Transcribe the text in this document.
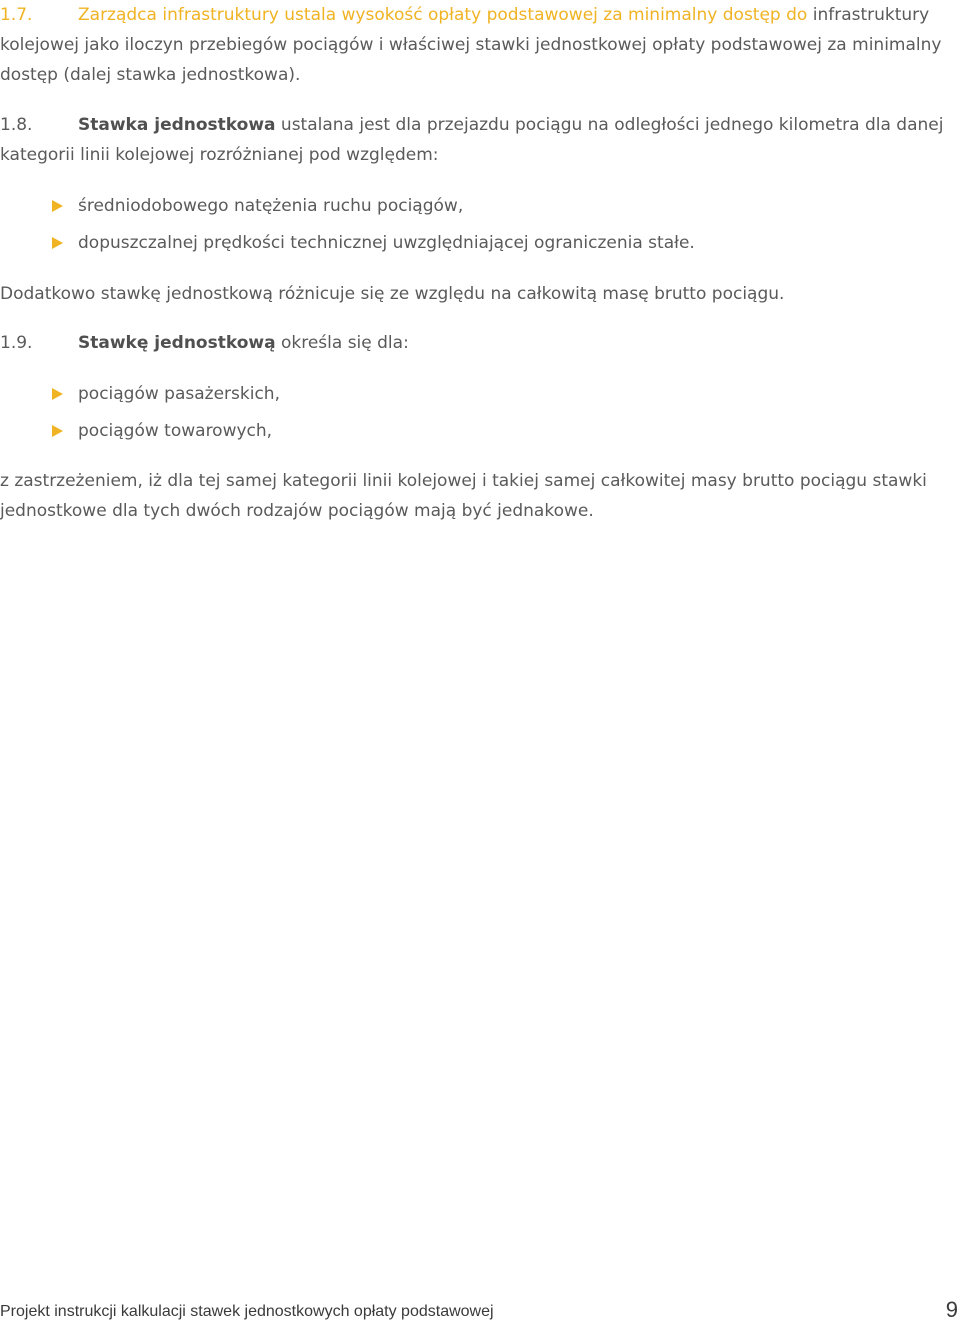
1.7.	Zarządca infrastruktury ustala wysokość opłaty podstawowej za minimalny dostęp do infrastruktury kolejowej jako iloczyn przebiegów pociągów i właściwej stawki jednostkowej opłaty podstawowej za minimalny dostęp (dalej stawka jednostkowa).

1.8.	Stawka jednostkowa ustalana jest dla przejazdu pociągu na odległości jednego kilometra dla danej kategorii linii kolejowej rozróżnianej pod względem:

średniodobowego natężenia ruchu pociągów,
dopuszczalnej prędkości technicznej uwzględniającej ograniczenia stałe.

Dodatkowo stawkę jednostkową różnicuje się ze względu na całkowitą masę brutto pociągu.

1.9.	Stawkę jednostkową określa się dla:

pociągów pasażerskich,
pociągów towarowych,

z zastrzeżeniem, iż dla tej samej kategorii linii kolejowej i takiej samej całkowitej masy brutto pociągu stawki jednostkowe dla tych dwóch rodzajów pociągów mają być jednakowe.

Projekt instrukcji kalkulacji stawek jednostkowych opłaty podstawowej	9
